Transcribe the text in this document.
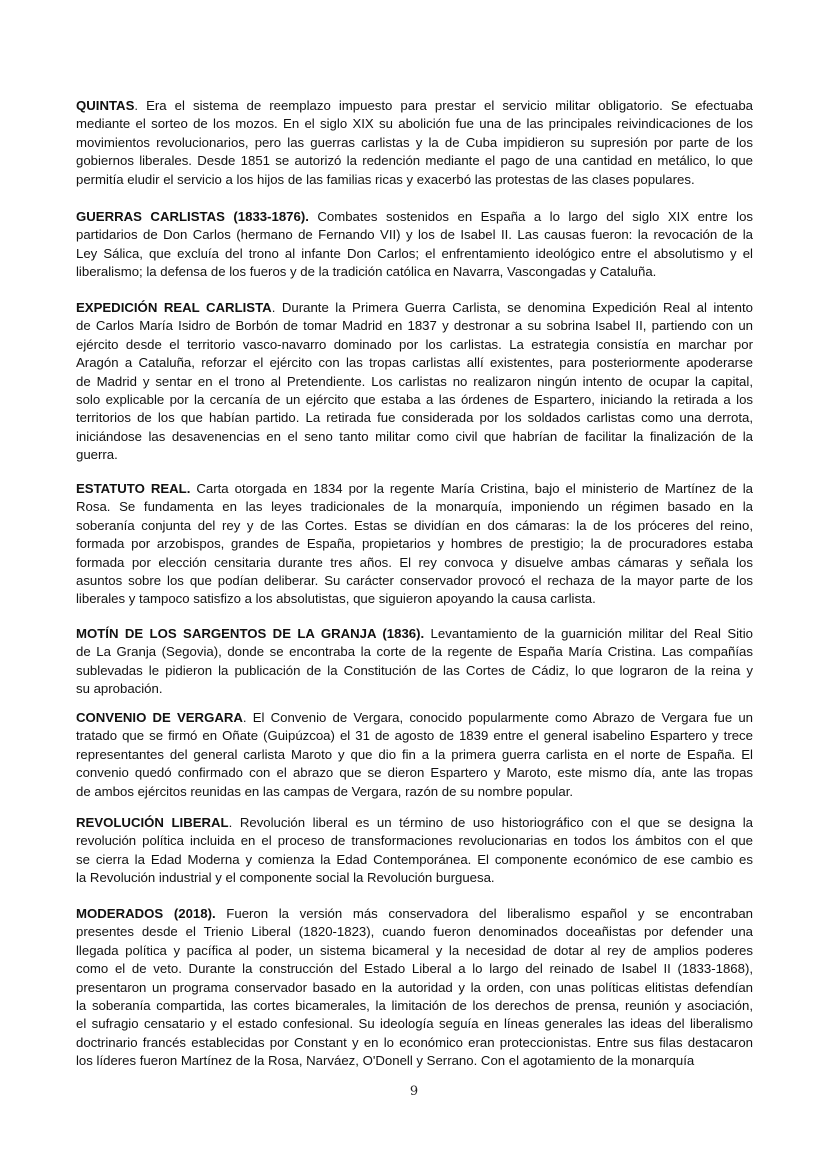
QUINTAS. Era el sistema de reemplazo impuesto para prestar el servicio militar obligatorio. Se efectuaba
mediante el sorteo de los mozos. En el siglo XIX su abolición fue una de las principales reivindicaciones de los
movimientos revolucionarios, pero las guerras carlistas y la de Cuba impidieron su supresión por parte de los
gobiernos liberales. Desde 1851 se autorizó la redención mediante el pago de una cantidad en metálico, lo que
permitía eludir el servicio a los hijos de las familias ricas y exacerbó las protestas de las clases populares.
GUERRAS CARLISTAS (1833-1876). Combates sostenidos en España a lo largo del siglo XIX entre los
partidarios de Don Carlos (hermano de Fernando VII) y los de Isabel II. Las causas fueron: la revocación de la
Ley Sálica, que excluía del trono al infante Don Carlos; el enfrentamiento ideológico entre el absolutismo y el
liberalismo; la defensa de los fueros y de la tradición católica en Navarra, Vascongadas y Cataluña.
EXPEDICIÓN REAL CARLISTA. Durante la Primera Guerra Carlista, se denomina Expedición Real al intento
de Carlos María Isidro de Borbón de tomar Madrid en 1837 y destronar a su sobrina Isabel II, partiendo con un
ejército desde el territorio vasco-navarro dominado por los carlistas. La estrategia consistía en marchar por
Aragón a Cataluña, reforzar el ejército con las tropas carlistas allí existentes, para posteriormente apoderarse
de Madrid y sentar en el trono al Pretendiente. Los carlistas no realizaron ningún intento de ocupar la capital,
solo explicable por la cercanía de un ejército que estaba a las órdenes de Espartero, iniciando la retirada a los
territorios de los que habían partido. La retirada fue considerada por los soldados carlistas como una derrota,
iniciándose las desavenencias en el seno tanto militar como civil que habrían de facilitar la finalización de la
guerra.
ESTATUTO REAL. Carta otorgada en 1834 por la regente María Cristina, bajo el ministerio de Martínez de la
Rosa. Se fundamenta en las leyes tradicionales de la monarquía, imponiendo un régimen basado en la
soberanía conjunta del rey y de las Cortes. Estas se dividían en dos cámaras: la de los próceres del reino,
formada por arzobispos, grandes de España, propietarios y hombres de prestigio; la de procuradores estaba
formada por elección censitaria durante tres años. El rey convoca y disuelve ambas cámaras y señala los
asuntos sobre los que podían deliberar. Su carácter conservador provocó el rechaza de la mayor parte de los
liberales y tampoco satisfizo a los absolutistas, que siguieron apoyando la causa carlista.
MOTÍN DE LOS SARGENTOS DE LA GRANJA (1836). Levantamiento de la guarnición militar del Real Sitio
de La Granja (Segovia), donde se encontraba la corte de la regente de España María Cristina. Las compañías
sublevadas le pidieron la publicación de la Constitución de las Cortes de Cádiz, lo que lograron de la reina y
su aprobación.
CONVENIO DE VERGARA. El Convenio de Vergara, conocido popularmente como Abrazo de Vergara fue un
tratado que se firmó en Oñate (Guipúzcoa) el 31 de agosto de 1839 entre el general isabelino Espartero y trece
representantes del general carlista Maroto y que dio fin a la primera guerra carlista en el norte de España. El
convenio quedó confirmado con el abrazo que se dieron Espartero y Maroto, este mismo día, ante las tropas
de ambos ejércitos reunidas en las campas de Vergara, razón de su nombre popular.
REVOLUCIÓN LIBERAL. Revolución liberal es un término de uso historiográfico con el que se designa la
revolución política incluida en el proceso de transformaciones revolucionarias en todos los ámbitos con el que
se cierra la Edad Moderna y comienza la Edad Contemporánea. El componente económico de ese cambio es
la Revolución industrial y el componente social la Revolución burguesa.
MODERADOS (2018). Fueron la versión más conservadora del liberalismo español y se encontraban
presentes desde el Trienio Liberal (1820-1823), cuando fueron denominados doceañistas por defender una
llegada política y pacífica al poder, un sistema bicameral y la necesidad de dotar al rey de amplios poderes
como el de veto. Durante la construcción del Estado Liberal a lo largo del reinado de Isabel II (1833-1868),
presentaron un programa conservador basado en la autoridad y la orden, con unas políticas elitistas defendían
la soberanía compartida, las cortes bicamerales, la limitación de los derechos de prensa, reunión y asociación,
el sufragio censatario y el estado confesional. Su ideología seguía en líneas generales las ideas del liberalismo
doctrinario francés establecidas por Constant y en lo económico eran proteccionistas. Entre sus filas destacaron
los líderes fueron Martínez de la Rosa, Narváez, O'Donell y Serrano. Con el agotamiento de la monarquía
9
